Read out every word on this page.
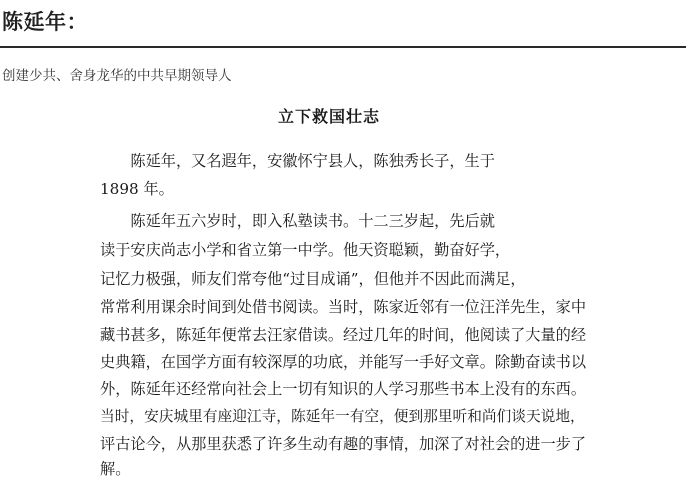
陈延年：
创建少共、舍身龙华的中共早期领导人
立下救国壮志
　　陈延年，又名遐年，安徽怀宁县人，陈独秀长子，生于
1898 年。
　　陈延年五六岁时，即入私塾读书。十二三岁起，先后就
读于安庆尚志小学和省立第一中学。他天资聪颖，勤奋好学，
记忆力极强，师友们常夸他“过目成诵”，但他并不因此而满足，
常常利用课余时间到处借书阅读。当时，陈家近邻有一位汪洋先生，家中
藏书甚多，陈延年便常去汪家借读。经过几年的时间，他阅读了大量的经
史典籍，在国学方面有较深厚的功底，并能写一手好文章。除勤奋读书以
外，陈延年还经常向社会上一切有知识的人学习那些书本上没有的东西。
当时，安庆城里有座迎江寺，陈延年一有空，便到那里听和尚们谈天说地，
评古论今，从那里获悉了许多生动有趣的事情，加深了对社会的进一步了
解。
